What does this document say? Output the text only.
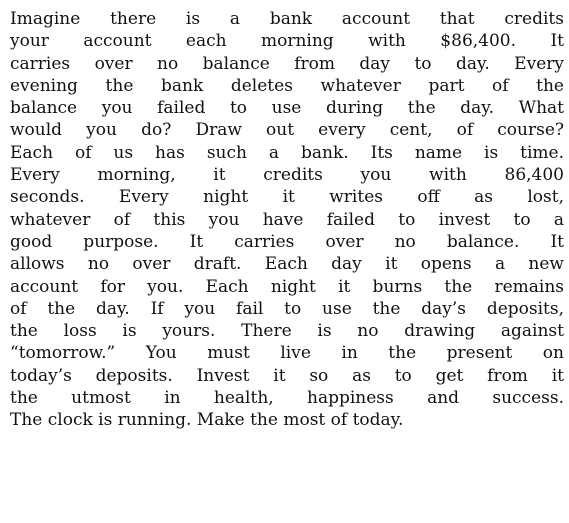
Imagine there is a bank account that credits
your account each morning with $86,400. It
carries over no balance from day to day. Every
evening the bank deletes whatever part of the
balance you failed to use during the day. What
would you do? Draw out every cent, of course?
Each of us has such a bank. Its name is time.
Every morning, it credits you with 86,400
seconds. Every night it writes off as lost,
whatever of this you have failed to invest to a
good purpose. It carries over no balance. It
allows no over draft. Each day it opens a new
account for you. Each night it burns the remains
of the day. If you fail to use the day’s deposits,
the loss is yours. There is no drawing against
“tomorrow.” You must live in the present on
today’s deposits. Invest it so as to get from it
the utmost in health, happiness and success.
The clock is running. Make the most of today.
